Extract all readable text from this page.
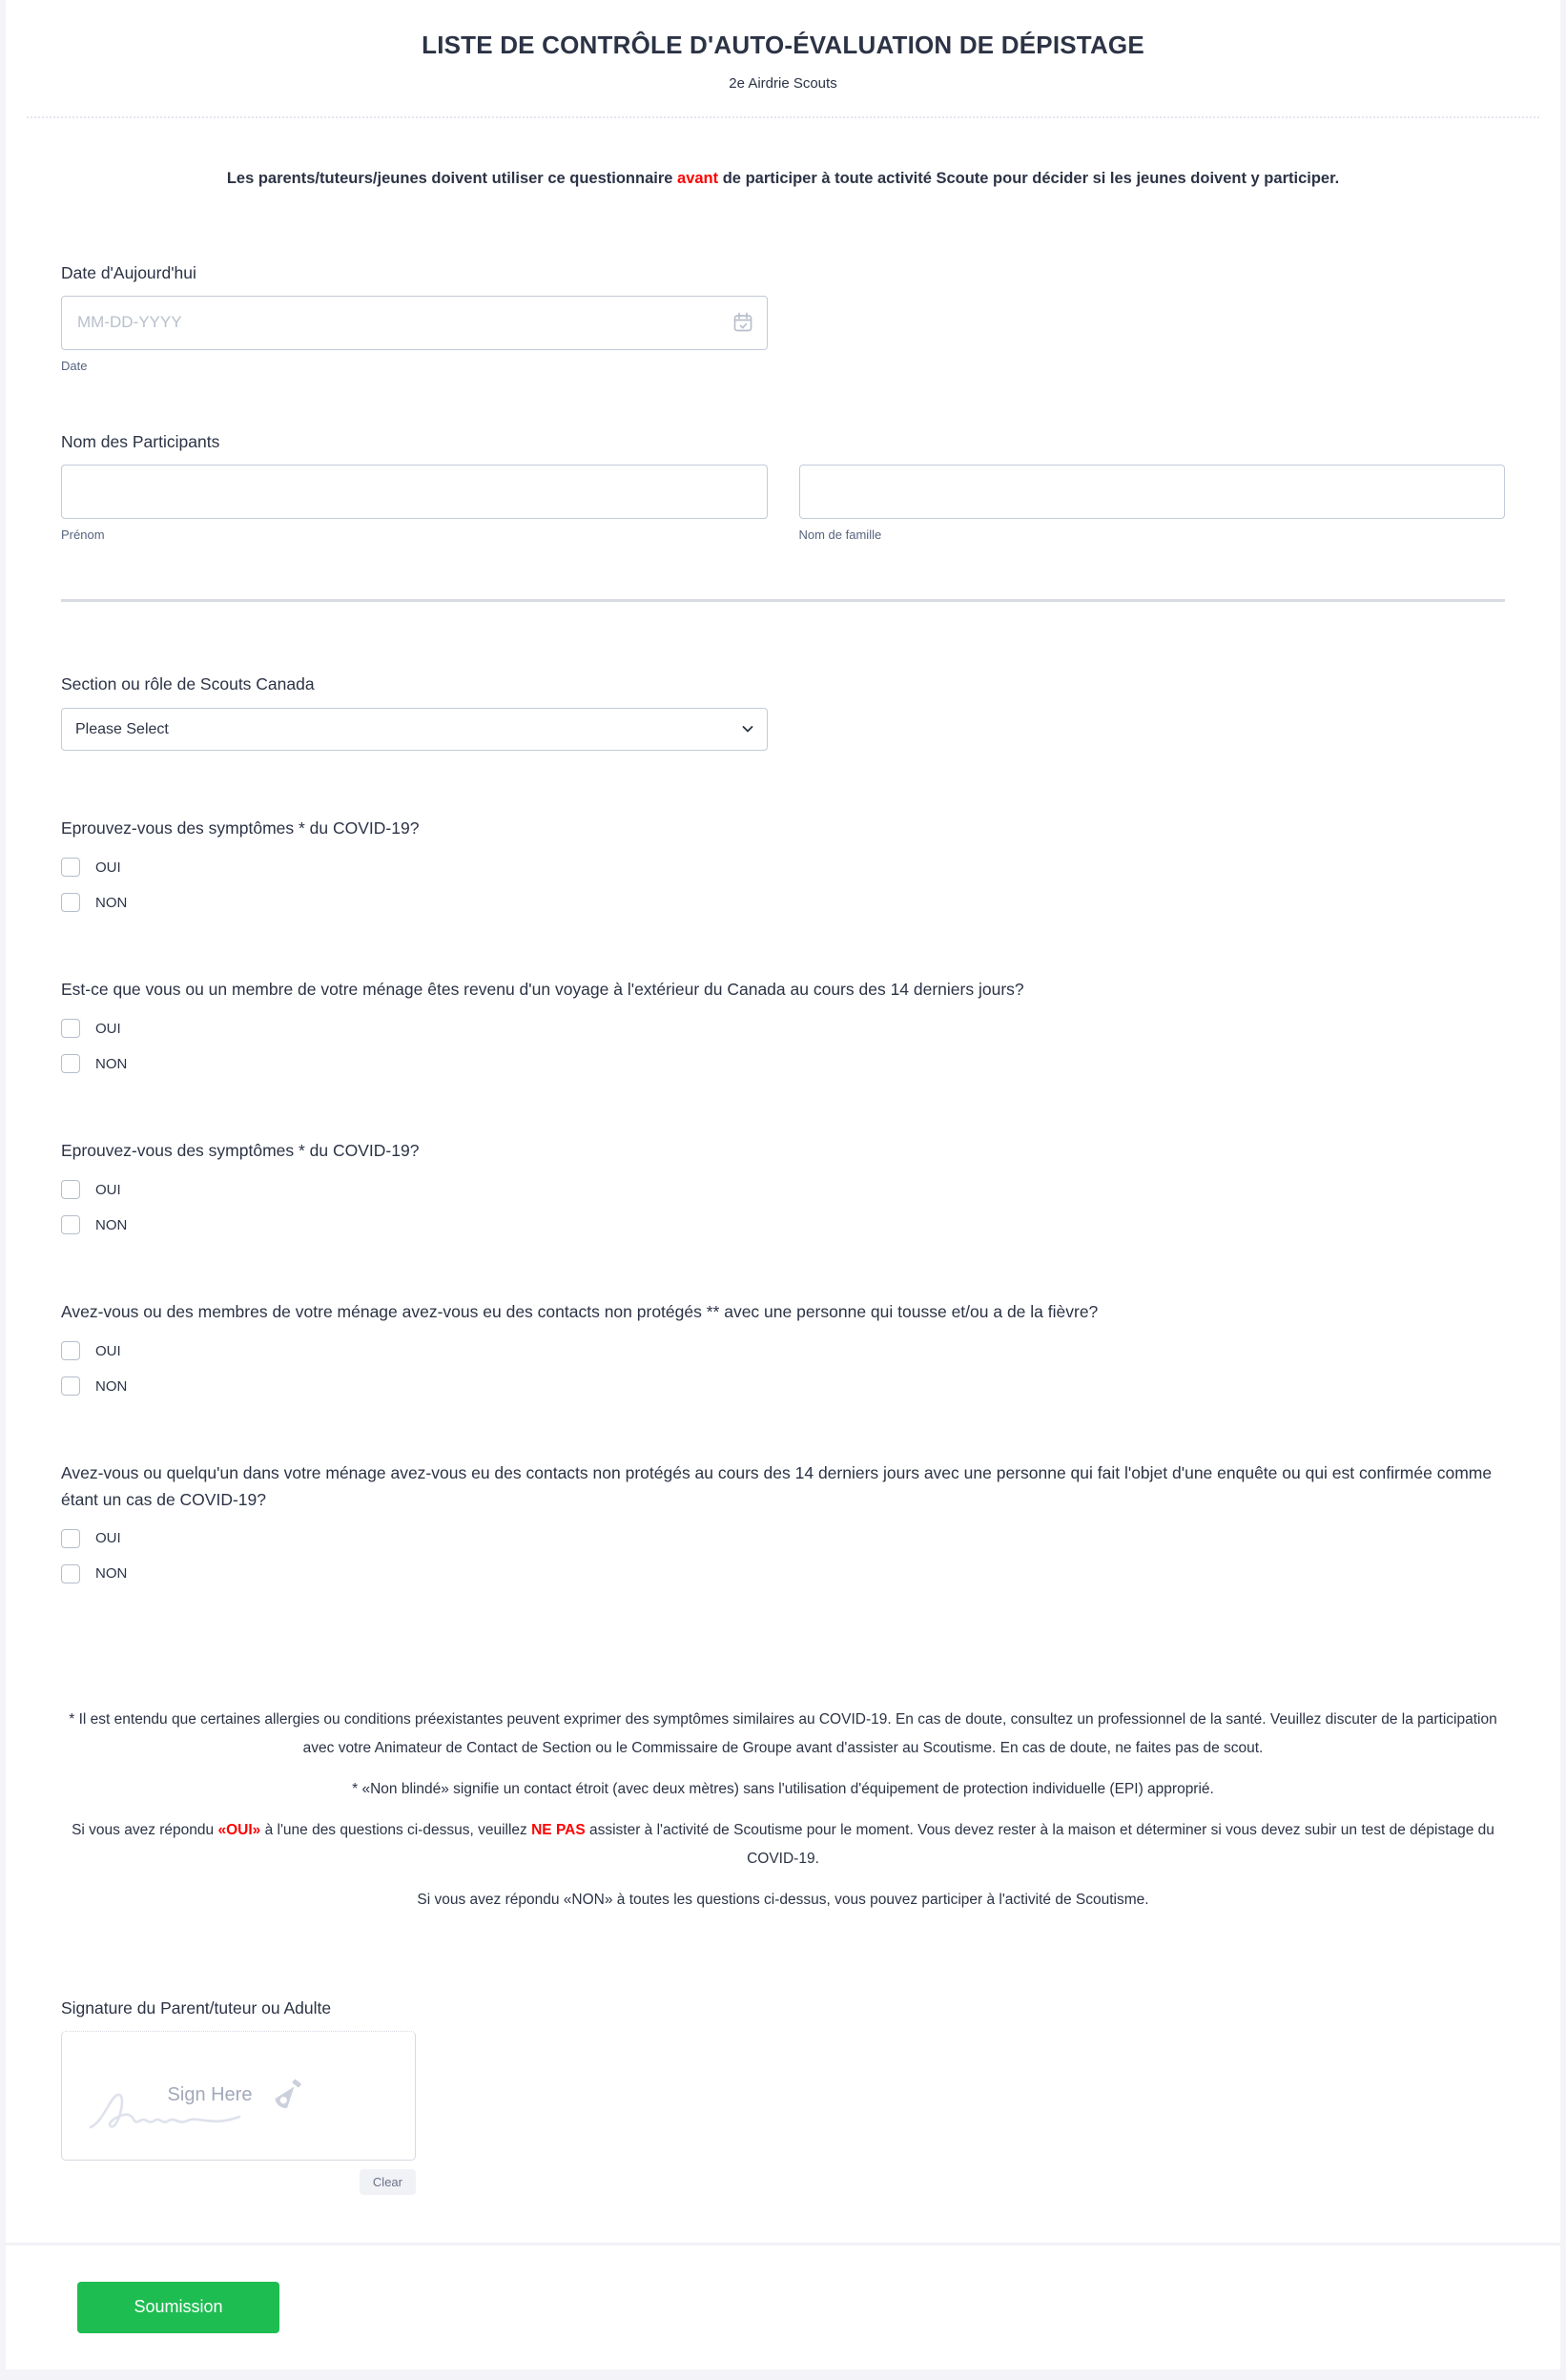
LISTE DE CONTRÔLE D'AUTO-ÉVALUATION DE DÉPISTAGE
2e Airdrie Scouts
Les parents/tuteurs/jeunes doivent utiliser ce questionnaire avant de participer à toute activité Scoute pour décider si les jeunes doivent y participer.
Date d'Aujourd'hui
MM-DD-YYYY
Date
Nom des Participants
Prénom	Nom de famille
Section ou rôle de Scouts Canada
Please Select
Eprouvez-vous des symptômes * du COVID-19?
OUI
NON
Est-ce que vous ou un membre de votre ménage êtes revenu d'un voyage à l'extérieur du Canada au cours des 14 derniers jours?
OUI
NON
Eprouvez-vous des symptômes * du COVID-19?
OUI
NON
Avez-vous ou des membres de votre ménage avez-vous eu des contacts non protégés ** avec une personne qui tousse et/ou a de la fièvre?
OUI
NON
Avez-vous ou quelqu'un dans votre ménage avez-vous eu des contacts non protégés au cours des 14 derniers jours avec une personne qui fait l'objet d'une enquête ou qui est confirmée comme étant un cas de COVID-19?
OUI
NON

* Il est entendu que certaines allergies ou conditions préexistantes peuvent exprimer des symptômes similaires au COVID-19. En cas de doute, consultez un professionnel de la santé. Veuillez discuter de la participation avec votre Animateur de Contact de Section ou le Commissaire de Groupe avant d'assister au Scoutisme. En cas de doute, ne faites pas de scout.

* «Non blindé» signifie un contact étroit (avec deux mètres) sans l'utilisation d'équipement de protection individuelle (EPI) approprié.

Si vous avez répondu «OUI» à l'une des questions ci-dessus, veuillez NE PAS assister à l'activité de Scoutisme pour le moment. Vous devez rester à la maison et déterminer si vous devez subir un test de dépistage du COVID-19.

Si vous avez répondu «NON» à toutes les questions ci-dessus, vous pouvez participer à l'activité de Scoutisme.

Signature du Parent/tuteur ou Adulte
Sign Here
Clear
Soumission
